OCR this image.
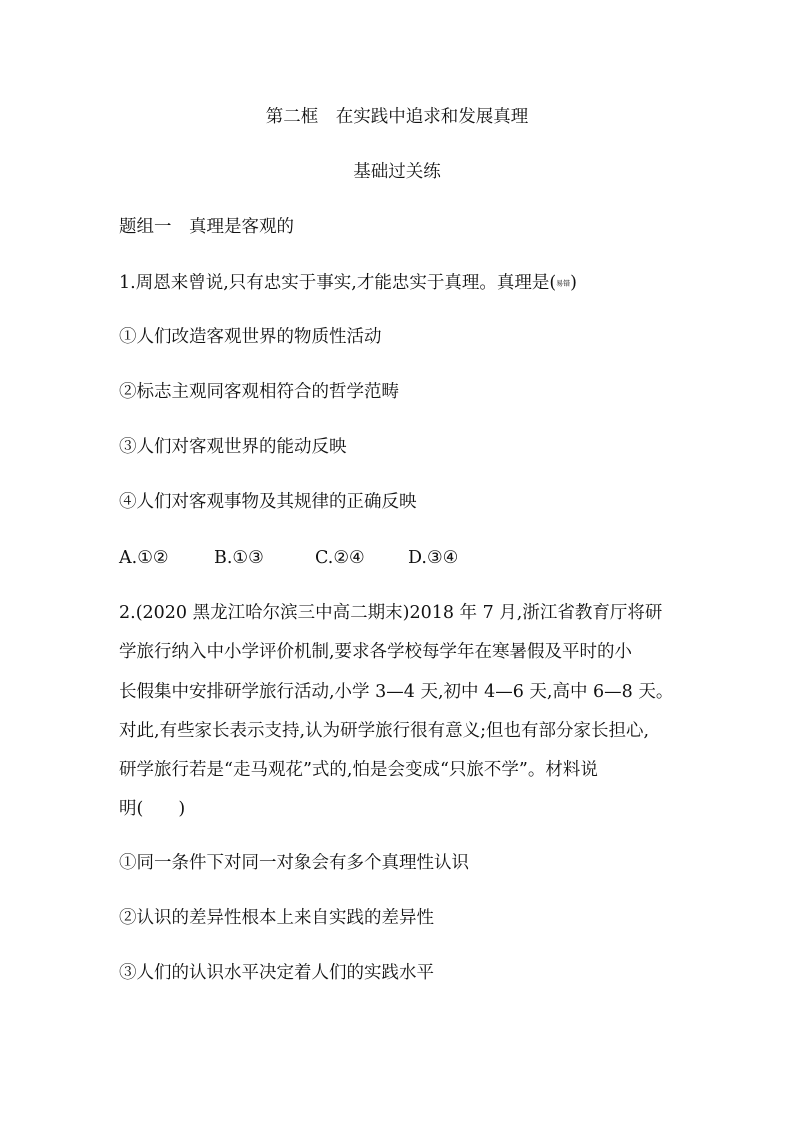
第二框　在实践中追求和发展真理
基础过关练
题组一　真理是客观的
1.周恩来曾说,只有忠实于事实,才能忠实于真理。真理是(易错)
①人们改造客观世界的物质性活动
②标志主观同客观相符合的哲学范畴
③人们对客观世界的能动反映
④人们对客观事物及其规律的正确反映
A.①②	B.①③	C.②④ D.③④
2.(2020 黑龙江哈尔滨三中高二期末)2018 年 7 月,浙江省教育厅将研
学旅行纳入中小学评价机制,要求各学校每学年在寒暑假及平时的小
长假集中安排研学旅行活动,小学 3—4 天,初中 4—6 天,高中 6—8 天。
对此,有些家长表示支持,认为研学旅行很有意义;但也有部分家长担心,
研学旅行若是“走马观花”式的,怕是会变成“只旅不学”。材料说
明(　　)
①同一条件下对同一对象会有多个真理性认识
②认识的差异性根本上来自实践的差异性
③人们的认识水平决定着人们的实践水平
